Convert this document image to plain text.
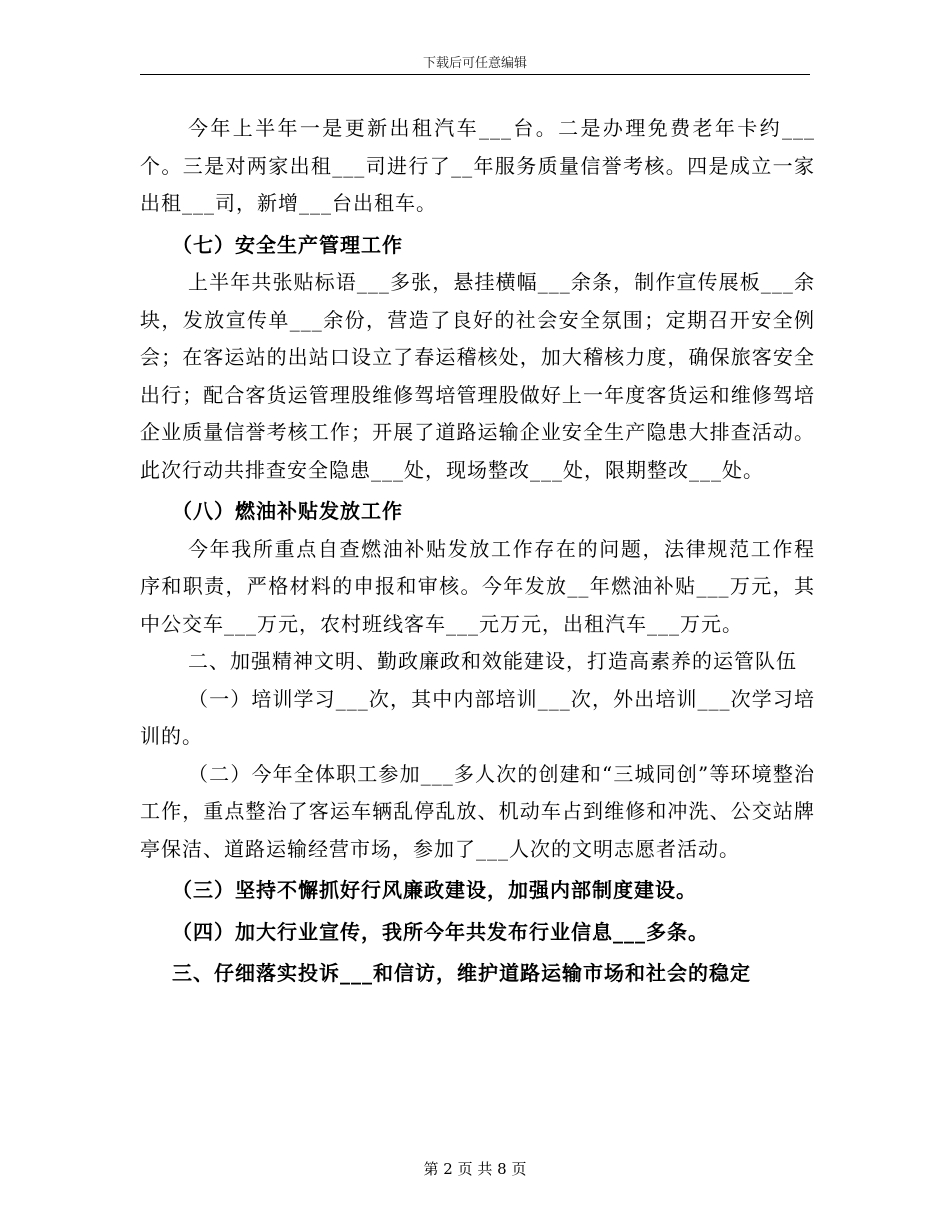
下载后可任意编辑

今年上半年一是更新出租汽车___台。二是办理免费老年卡约___个。三是对两家出租___司进行了__年服务质量信誉考核。四是成立一家出租___司，新增___台出租车。

（七）安全生产管理工作

上半年共张贴标语___多张，悬挂横幅___余条，制作宣传展板___余块，发放宣传单___余份，营造了良好的社会安全氛围；定期召开安全例会；在客运站的出站口设立了春运稽核处，加大稽核力度，确保旅客安全出行；配合客货运管理股维修驾培管理股做好上一年度客货运和维修驾培企业质量信誉考核工作；开展了道路运输企业安全生产隐患大排查活动。此次行动共排查安全隐患___处，现场整改___处，限期整改___处。

（八）燃油补贴发放工作

今年我所重点自查燃油补贴发放工作存在的问题，法律规范工作程序和职责，严格材料的申报和审核。今年发放__年燃油补贴___万元，其中公交车___万元，农村班线客车___元万元，出租汽车___万元。

二、加强精神文明、勤政廉政和效能建设，打造高素养的运管队伍

（一）培训学习___次，其中内部培训___次，外出培训___次学习培训的。

（二）今年全体职工参加___多人次的创建和“三城同创”等环境整治工作，重点整治了客运车辆乱停乱放、机动车占到维修和冲洗、公交站牌亭保洁、道路运输经营市场，参加了___人次的文明志愿者活动。

（三）坚持不懈抓好行风廉政建设，加强内部制度建设。

（四）加大行业宣传，我所今年共发布行业信息___多条。

三、仔细落实投诉___和信访，维护道路运输市场和社会的稳定

第 2 页 共 8 页
